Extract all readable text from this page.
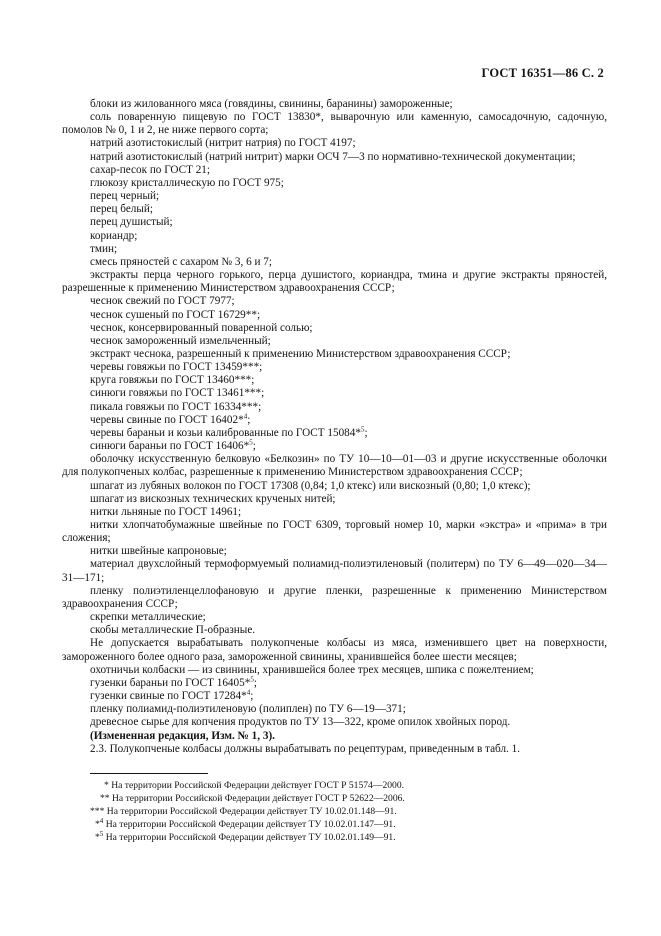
ГОСТ 16351—86 С. 2

блоки из жилованного мяса (говядины, свинины, баранины) замороженные;

соль поваренную пищевую по ГОСТ 13830*, выварочную или каменную, самосадочную, садочную, помолов № 0, 1 и 2, не ниже первого сорта;

натрий азотистокислый (нитрит натрия) по ГОСТ 4197;

натрий азотистокислый (натрий нитрит) марки ОСЧ 7—3 по нормативно-технической документации;

сахар-песок по ГОСТ 21;

глюкозу кристаллическую по ГОСТ 975;

перец черный;

перец белый;

перец душистый;

кориандр;

тмин;

смесь пряностей с сахаром № 3, 6 и 7;

экстракты перца черного горького, перца душистого, кориандра, тмина и другие экстракты пряностей, разрешенные к применению Министерством здравоохранения СССР;

чеснок свежий по ГОСТ 7977;

чеснок сушеный по ГОСТ 16729**;

чеснок, консервированный поваренной солью;

чеснок замороженный измельченный;

экстракт чеснока, разрешенный к применению Министерством здравоохранения СССР;

черевы говяжьи по ГОСТ 13459***;

круга говяжьи по ГОСТ 13460***;

синюги говяжьи по ГОСТ 13461***;

пикала говяжьи по ГОСТ 16334***;

черевы свиные по ГОСТ 16402*$^4$;

черевы бараньи и козьи калиброванные по ГОСТ 15084*$^5$;

синюги бараньи по ГОСТ 16406*$^5$;

оболочку искусственную белковую «Белкозин» по ТУ 10—10—01—03 и другие искусственные оболочки для полукопченых колбас, разрешенные к применению Министерством здравоохранения СССР;

шпагат из лубяных волокон по ГОСТ 17308 (0,84; 1,0 ктекс) или вискозный (0,80; 1,0 ктекс);

шпагат из вискозных технических крученых нитей;

нитки льняные по ГОСТ 14961;

нитки хлопчатобумажные швейные по ГОСТ 6309, торговый номер 10, марки «экстра» и «прима» в три сложения;

нитки швейные капроновые;

материал двухслойный термоформуемый полиамид-полиэтиленовый (политерм) по ТУ 6—49—020—34—31—171;

пленку полиэтиленцеллофановую и другие пленки, разрешенные к применению Министерством здравоохранения СССР;

скрепки металлические;

скобы металлические П-образные.

Не допускается вырабатывать полукопченые колбасы из мяса, изменившего цвет на поверхности, замороженного более одного раза, замороженной свинины, хранившейся более шести месяцев;

охотничьи колбаски — из свинины, хранившейся более трех месяцев, шпика с пожелтением;

гузенки бараньи по ГОСТ 16405*$^5$;

гузенки свиные по ГОСТ 17284*$^4$;

пленку полиамид-полиэтиленовую (полиплен) по ТУ 6—19—371;

древесное сырье для копчения продуктов по ТУ 13—322, кроме опилок хвойных пород.

(Измененная редакция, Изм. № 1, 3).

2.3. Полукопченые колбасы должны вырабатывать по рецептурам, приведенным в табл. 1.

* На территории Российской Федерации действует ГОСТ Р 51574—2000.

** На территории Российской Федерации действует ГОСТ Р 52622—2006.

*** На территории Российской Федерации действует ТУ 10.02.01.148—91.

*$^4$ На территории Российской Федерации действует ТУ 10.02.01.147—91.

*$^5$ На территории Российской Федерации действует ТУ 10.02.01.149—91.
